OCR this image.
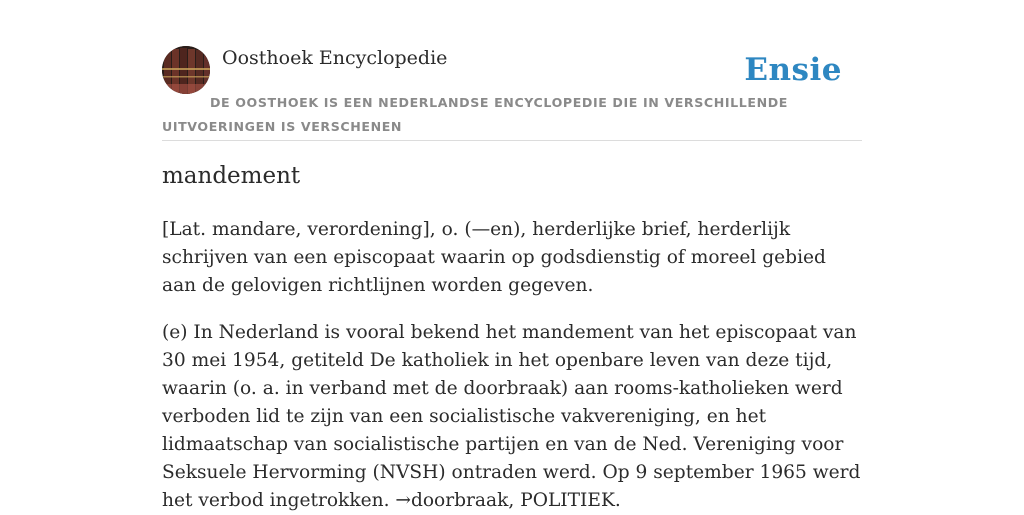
Oosthoek Encyclopedie	Ensie
DE OOSTHOEK IS EEN NEDERLANDSE ENCYCLOPEDIE DIE IN VERSCHILLENDE UITVOERINGEN IS VERSCHENEN
mandement

[Lat. mandare, verordening], o. (—en), herderlijke brief, herderlijk schrijven van een episcopaat waarin op godsdienstig of moreel gebied aan de gelovigen richtlijnen worden gegeven.

(e) In Nederland is vooral bekend het mandement van het episcopaat van 30 mei 1954, getiteld De katholiek in het openbare leven van deze tijd, waarin (o. a. in verband met de doorbraak) aan rooms-katholieken werd verboden lid te zijn van een socialistische vakvereniging, en het lidmaatschap van socialistische partijen en van de Ned. Vereniging voor Seksuele Hervorming (NVSH) ontraden werd. Op 9 september 1965 werd het verbod ingetrokken. →doorbraak, POLITIEK.
